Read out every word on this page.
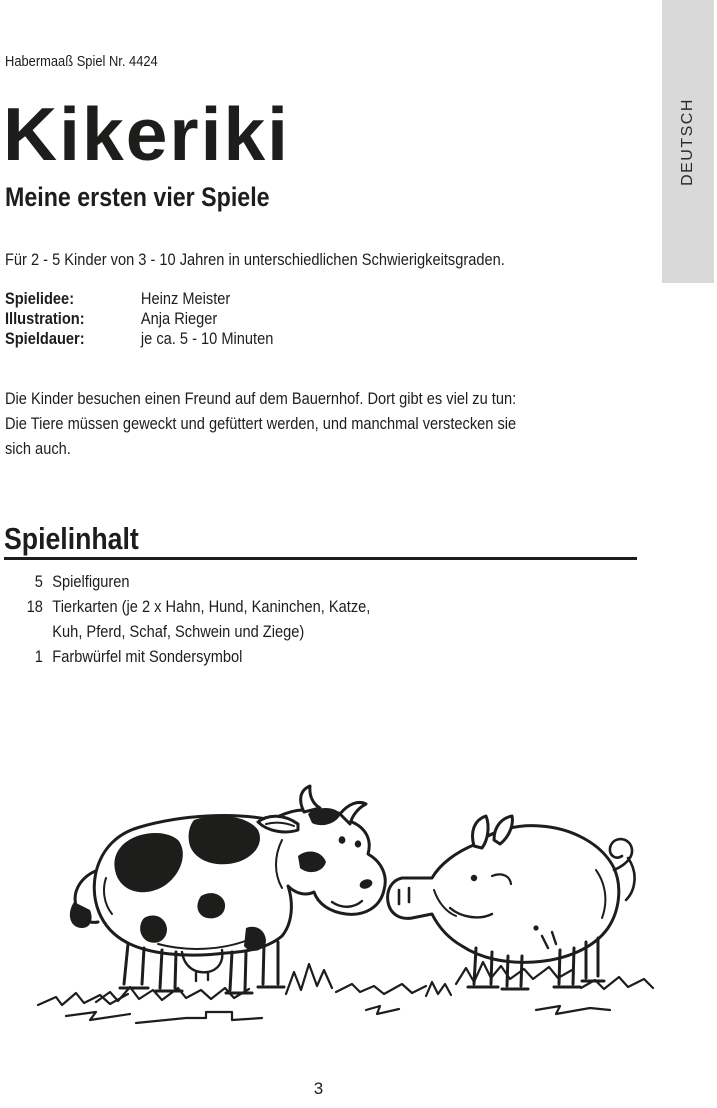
DEUTSCH
Habermaaß Spiel Nr. 4424
Kikeriki
Meine ersten vier Spiele
Für 2 - 5 Kinder von 3 - 10 Jahren in unterschiedlichen Schwierigkeitsgraden.
Spielidee:	Heinz Meister
Illustration:	Anja Rieger
Spieldauer:	je ca. 5 - 10 Minuten
Die Kinder besuchen einen Freund auf dem Bauernhof. Dort gibt es viel zu tun:
Die Tiere müssen geweckt und gefüttert werden, und manchmal verstecken sie
sich auch.
Spielinhalt
5 Spielfiguren
18 Tierkarten (je 2 x Hahn, Hund, Kaninchen, Katze,
Kuh, Pferd, Schaf, Schwein und Ziege)
1 Farbwürfel mit Sondersymbol
3
